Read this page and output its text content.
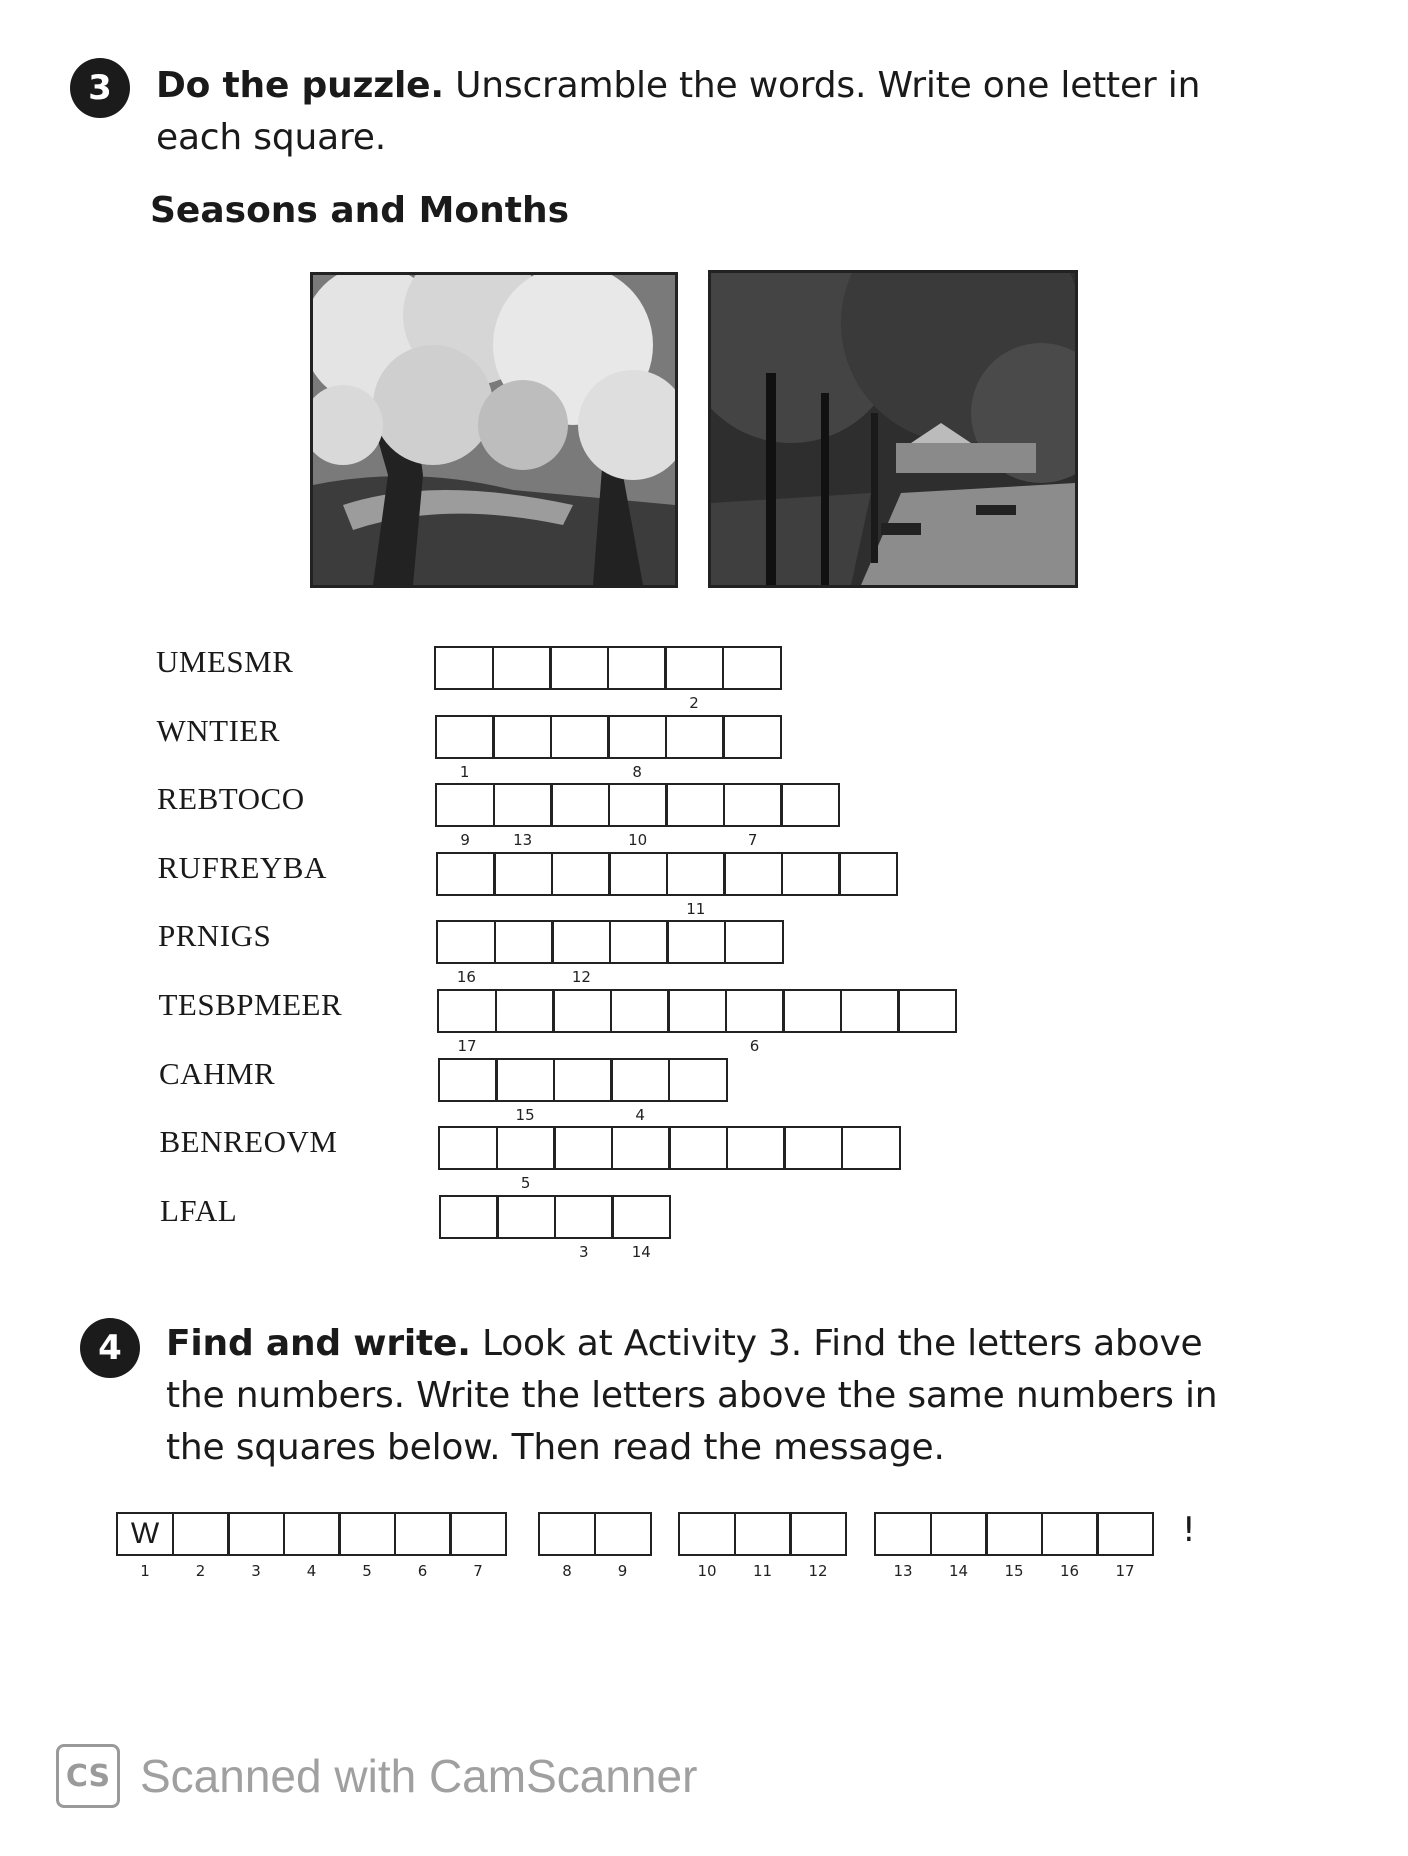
3	Do the puzzle. Unscramble the words. Write one letter in
each square.
Seasons and Months
UMESMR
2
WNTIER
1	8
REBTOCO
9	13	10	7
RUFREYBA
11
PRNIGS
16	12
TESBPMEER
17	6
CAHMR
15	4
BENREOVM
5
LFAL
3	14
4	Find and write. Look at Activity 3. Find the letters above
the numbers. Write the letters above the same numbers in
the squares below. Then read the message.
W
1	2	3	4	5	6	7	8	9	10	11	12	13	14	15	16	17
!
CS Scanned with CamScanner
